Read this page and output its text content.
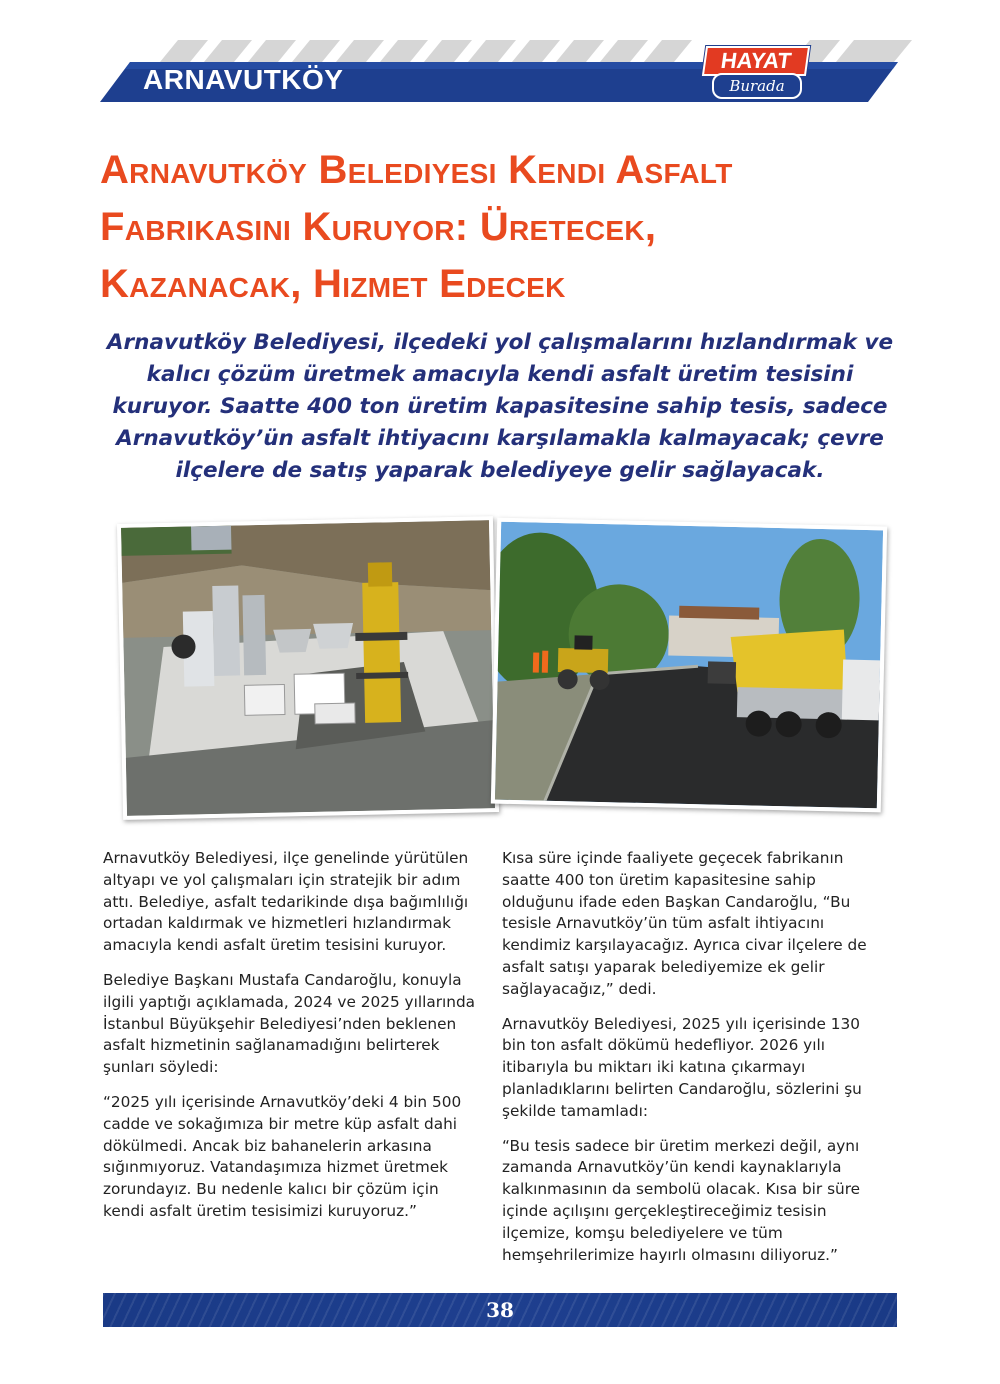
ARNAVUTKÖY
HAYAT
Burada
Arnavutköy Belediyesi Kendi Asfalt
Fabrikasını Kuruyor: Üretecek,
Kazanacak, Hizmet Edecek

Arnavutköy Belediyesi, ilçedeki yol çalışmalarını hızlandırmak ve kalıcı çözüm üretmek amacıyla kendi asfalt üretim tesisini kuruyor. Saatte 400 ton üretim kapasitesine sahip tesis, sadece Arnavutköy’ün asfalt ihtiyacını karşılamakla kalmayacak; çevre ilçelere de satış yaparak belediyeye gelir sağlayacak.

Arnavutköy Belediyesi, ilçe genelinde yürütülen altyapı ve yol çalışmaları için stratejik bir adım attı. Belediye, asfalt tedarikinde dışa bağımlılığı ortadan kaldırmak ve hizmetleri hızlandırmak amacıyla kendi asfalt üretim tesisini kuruyor.

Belediye Başkanı Mustafa Candaroğlu, konuyla ilgili yaptığı açıklamada, 2024 ve 2025 yıllarında İstanbul Büyükşehir Belediyesi’nden beklenen asfalt hizmetinin sağlanamadığını belirterek şunları söyledi:

“2025 yılı içerisinde Arnavutköy’deki 4 bin 500 cadde ve sokağımıza bir metre küp asfalt dahi dökülmedi. Ancak biz bahanelerin arkasına sığınmıyoruz. Vatandaşımıza hizmet üretmek zorundayız. Bu nedenle kalıcı bir çözüm için kendi asfalt üretim tesisimizi kuruyoruz.”

Kısa süre içinde faaliyete geçecek fabrikanın saatte 400 ton üretim kapasitesine sahip olduğunu ifade eden Başkan Candaroğlu, “Bu tesisle Arnavutköy’ün tüm asfalt ihtiyacını kendimiz karşılayacağız. Ayrıca civar ilçelere de asfalt satışı yaparak belediyemize ek gelir sağlayacağız,” dedi.

Arnavutköy Belediyesi, 2025 yılı içerisinde 130 bin ton asfalt dökümü hedefliyor. 2026 yılı itibarıyla bu miktarı iki katına çıkarmayı planladıklarını belirten Candaroğlu, sözlerini şu şekilde tamamladı:

“Bu tesis sadece bir üretim merkezi değil, aynı zamanda Arnavutköy’ün kendi kaynaklarıyla kalkınmasının da sembolü olacak. Kısa bir süre içinde açılışını gerçekleştireceğimiz tesisin ilçemize, komşu belediyelere ve tüm hemşehrilerimize hayırlı olmasını diliyoruz.”

38
